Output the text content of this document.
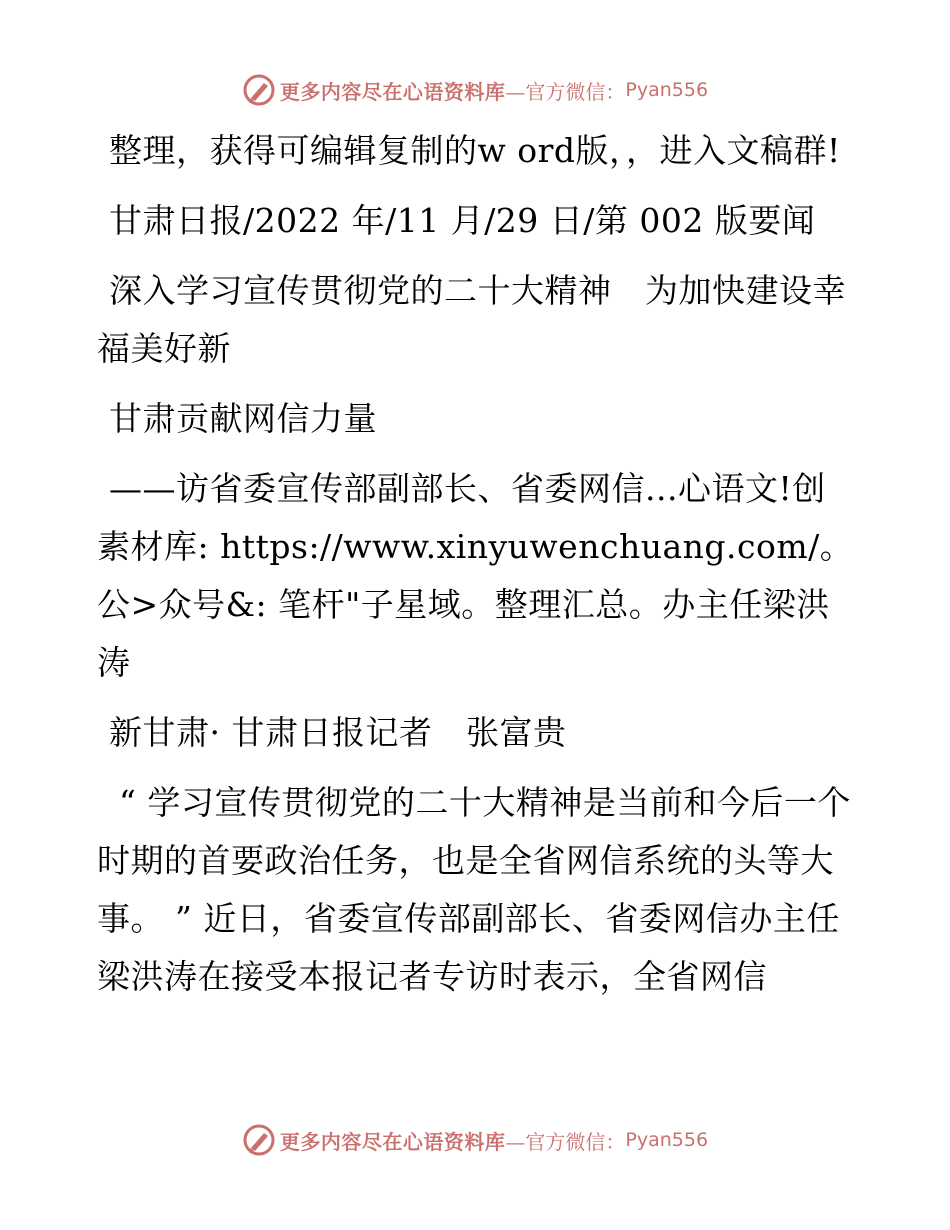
更多内容尽在心语资料库 —官方微信： Pyan556

整理，获得可编辑复制的w ord版，，进入文稿群!

甘肃日报/2022 年/11 月/29 日/第 002 版要闻

深入学习宣传贯彻党的二十大精神　为加快建设幸福美好新

甘肃贡献网信力量

——访省委宣传部副部长、省委网信...心语文!创素材库: https://www.xinyuwenchuang.com/。公>众号&: 笔杆"子星域。整理汇总。办主任梁洪涛

新甘肃· 甘肃日报记者　张富贵

“ 学习宣传贯彻党的二十大精神是当前和今后一个时期的首要政治任务，也是全省网信系统的头等大事。 ” 近日，省委宣传部副部长、省委网信办主任梁洪涛在接受本报记者专访时表示，全省网信

更多内容尽在心语资料库 —官方微信： Pyan556
